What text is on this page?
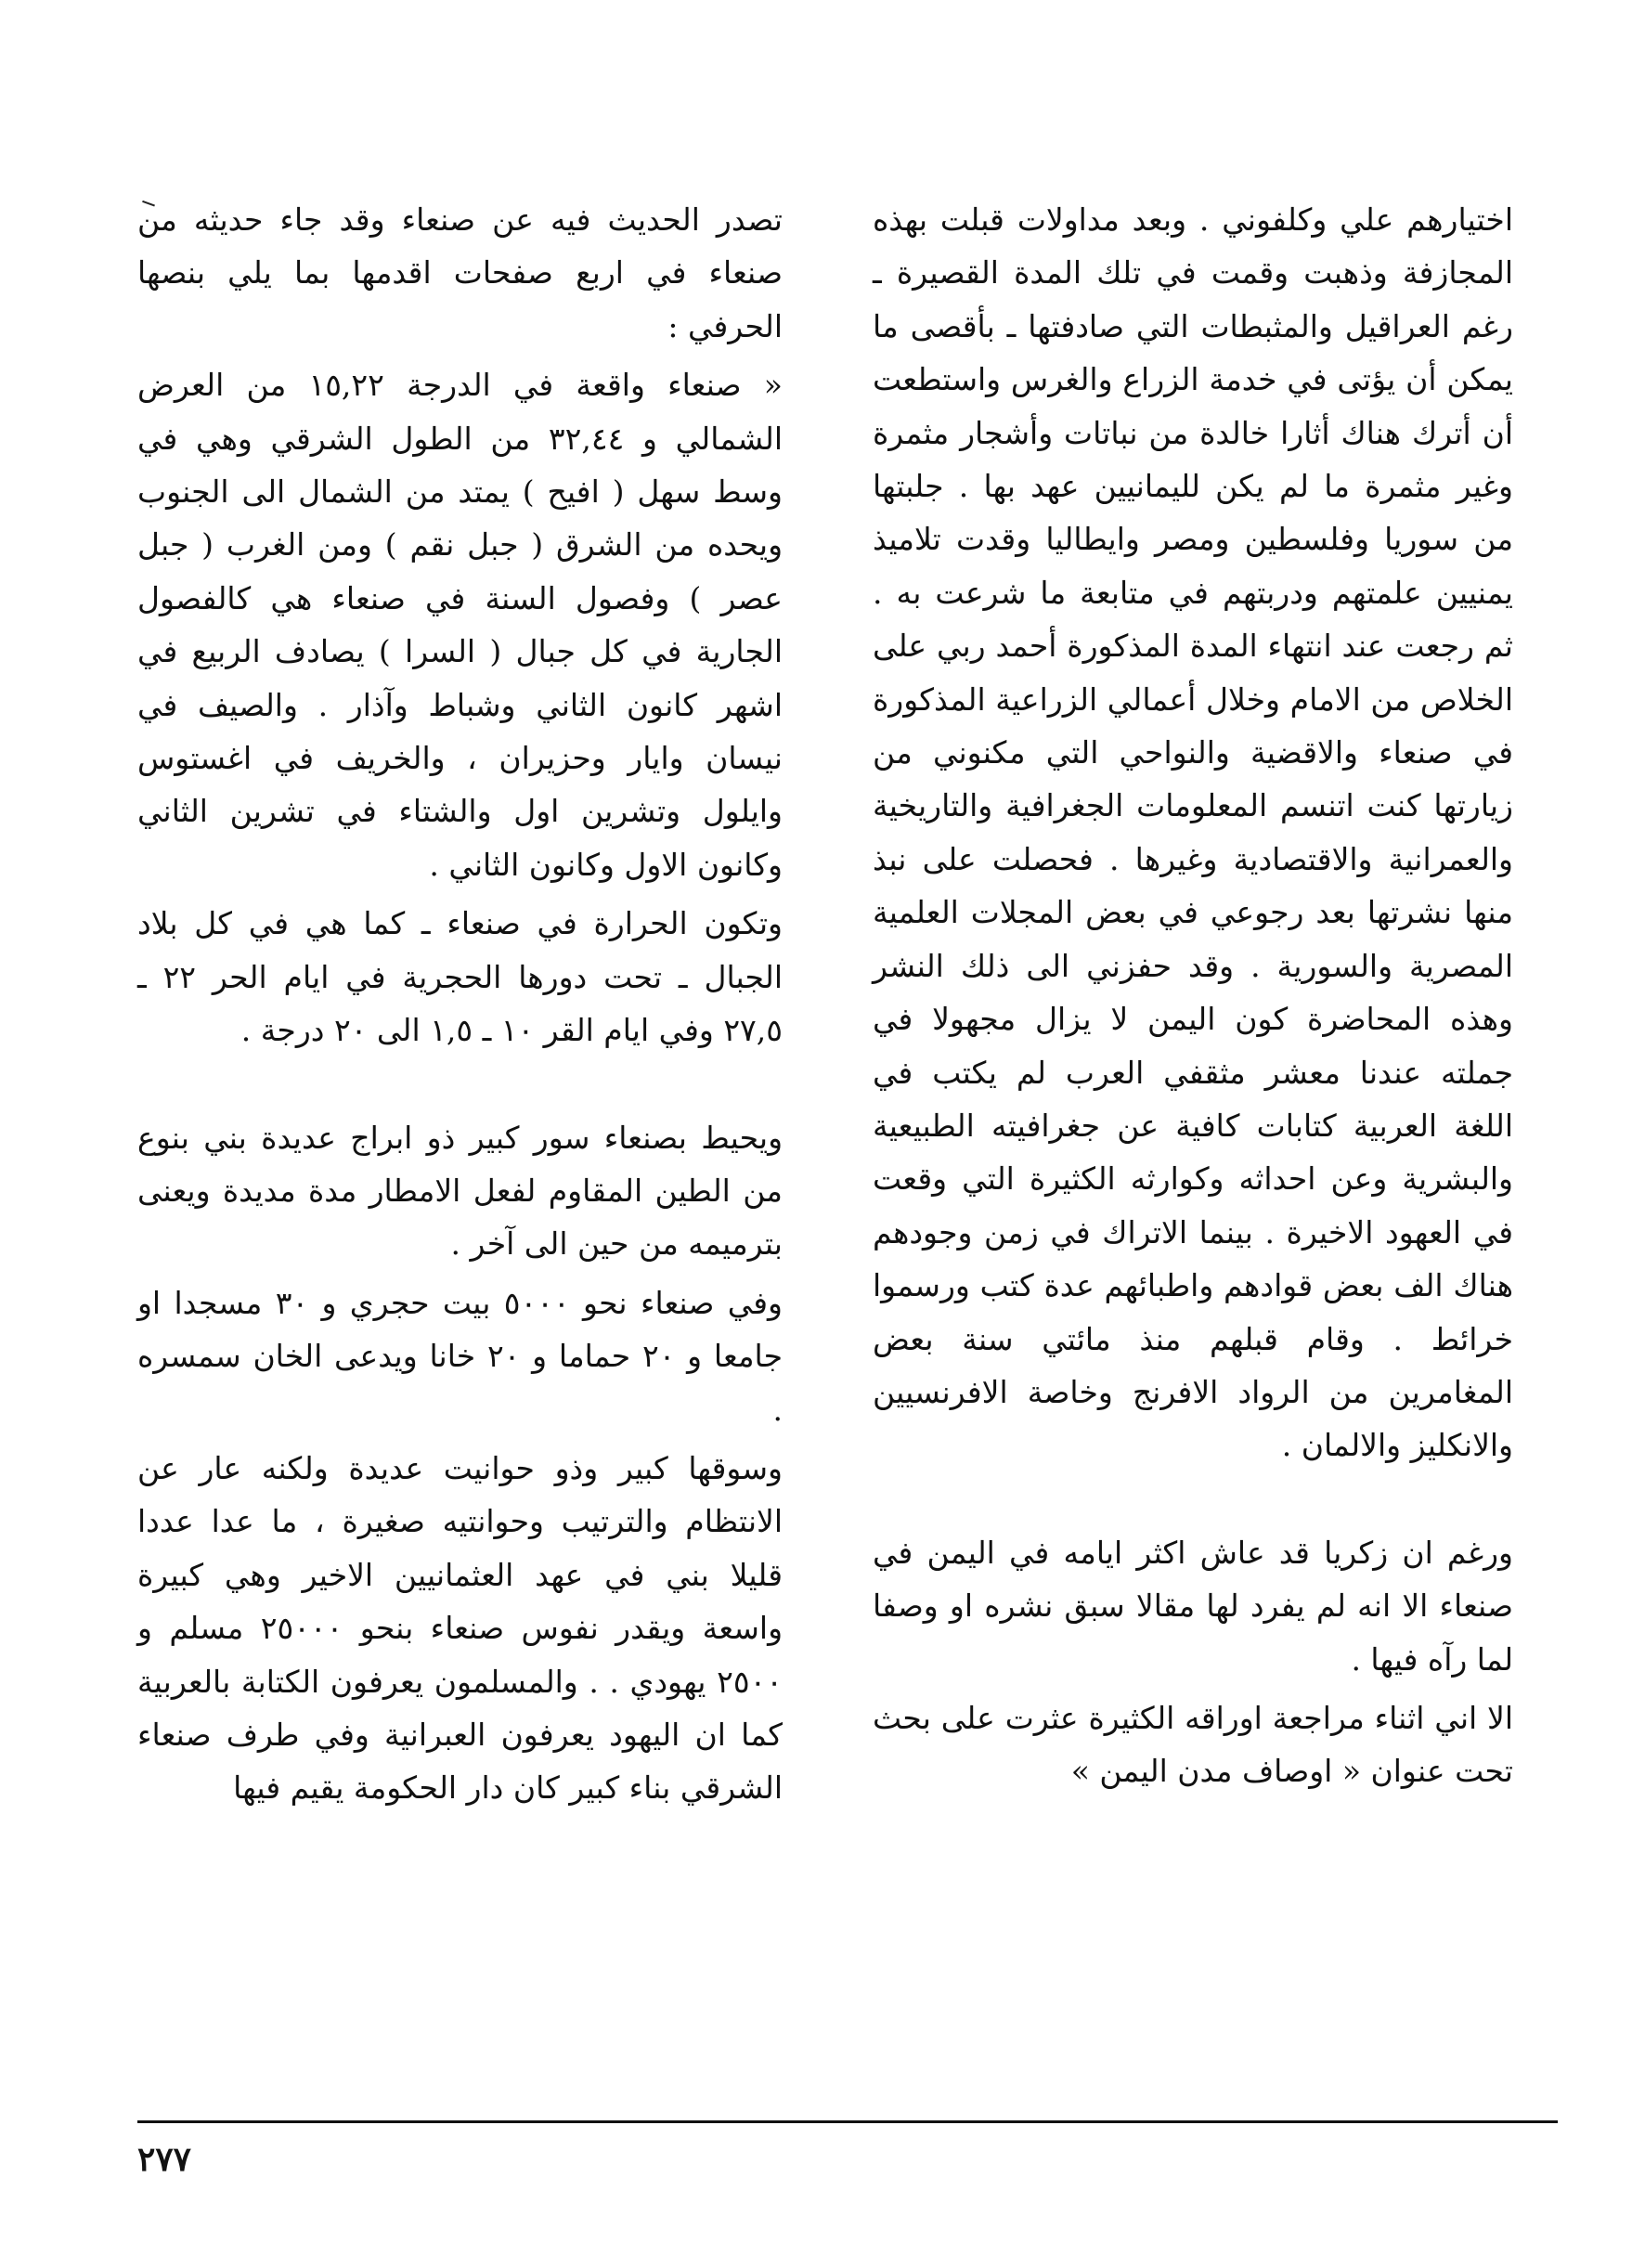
اختيارهم علي وكلفوني . وبعد مداولات قبلت بهذه المجازفة وذهبت وقمت في تلك المدة القصيرة ـ رغم العراقيل والمثبطات التي صادفتها ـ بأقصى ما يمكن أن يؤتى في خدمة الزراع والغرس واستطعت أن أترك هناك أثارا خالدة من نباتات وأشجار مثمرة وغير مثمرة ما لم يكن لليمانيين عهد بها . جلبتها من سوريا وفلسطين ومصر وايطاليا وقدت تلاميذ يمنيين علمتهم ودربتهم في متابعة ما شرعت به . ثم رجعت عند انتهاء المدة المذكورة أحمد ربي على الخلاص من الامام وخلال أعمالي الزراعية المذكورة في صنعاء والاقضية والنواحي التي مكنوني من زيارتها كنت اتنسم المعلومات الجغرافية والتاريخية والعمرانية والاقتصادية وغيرها . فحصلت على نبذ منها نشرتها بعد رجوعي في بعض المجلات العلمية المصرية والسورية . وقد حفزني الى ذلك النشر وهذه المحاضرة كون اليمن لا يزال مجهولا في جملته عندنا معشر مثقفي العرب لم يكتب في اللغة العربية كتابات كافية عن جغرافيته الطبيعية والبشرية وعن احداثه وكوارثه الكثيرة التي وقعت في العهود الاخيرة . بينما الاتراك في زمن وجودهم هناك الف بعض قوادهم واطبائهم عدة كتب ورسموا خرائط . وقام قبلهم منذ مائتي سنة بعض المغامرين من الرواد الافرنج وخاصة الافرنسيين والانكليز والالمان .

ورغم ان زكريا قد عاش اكثر ايامه في اليمن في صنعاء الا انه لم يفرد لها مقالا سبق نشره او وصفا لما رآه فيها .

الا اني اثناء مراجعة اوراقه الكثيرة عثرت على بحث تحت عنوان « اوصاف مدن اليمن »

تصدر الحديث فيه عن صنعاء وقد جاء حديثه من صنعاء في اربع صفحات اقدمها بما يلي بنصها الحرفي :

« صنعاء واقعة في الدرجة ١٥,٢٢ من العرض الشمالي و ٣٢,٤٤ من الطول الشرقي وهي في وسط سهل ( افيح ) يمتد من الشمال الى الجنوب ويحده من الشرق ( جبل نقم ) ومن الغرب ( جبل عصر ) وفصول السنة في صنعاء هي كالفصول الجارية في كل جبال ( السرا ) يصادف الربيع في اشهر كانون الثاني وشباط وآذار . والصيف في نيسان وايار وحزيران ، والخريف في اغستوس وايلول وتشرين اول والشتاء في تشرين الثاني وكانون الاول وكانون الثاني .

وتكون الحرارة في صنعاء ـ كما هي في كل بلاد الجبال ـ تحت دورها الحجرية في ايام الحر ٢٢ ـ ٢٧,٥ وفي ايام القر ١٠ ـ ١,٥ الى ٢٠ درجة .

ويحيط بصنعاء سور كبير ذو ابراج عديدة بني بنوع من الطين المقاوم لفعل الامطار مدة مديدة ويعنى بترميمه من حين الى آخر .

وفي صنعاء نحو ٥٠٠٠ بيت حجري و ٣٠ مسجدا او جامعا و ٢٠ حماما و ٢٠ خانا ويدعى الخان سمسره .

وسوقها كبير وذو حوانيت عديدة ولكنه عار عن الانتظام والترتيب وحوانتيه صغيرة ، ما عدا عددا قليلا بني في عهد العثمانيين الاخير وهي كبيرة واسعة ويقدر نفوس صنعاء بنحو ٢٥٠٠٠ مسلم و ٢٥٠٠ يهودي . . والمسلمون يعرفون الكتابة بالعربية كما ان اليهود يعرفون العبرانية وفي طرف صنعاء الشرقي بناء كبير كان دار الحكومة يقيم فيها

٢٧٧
